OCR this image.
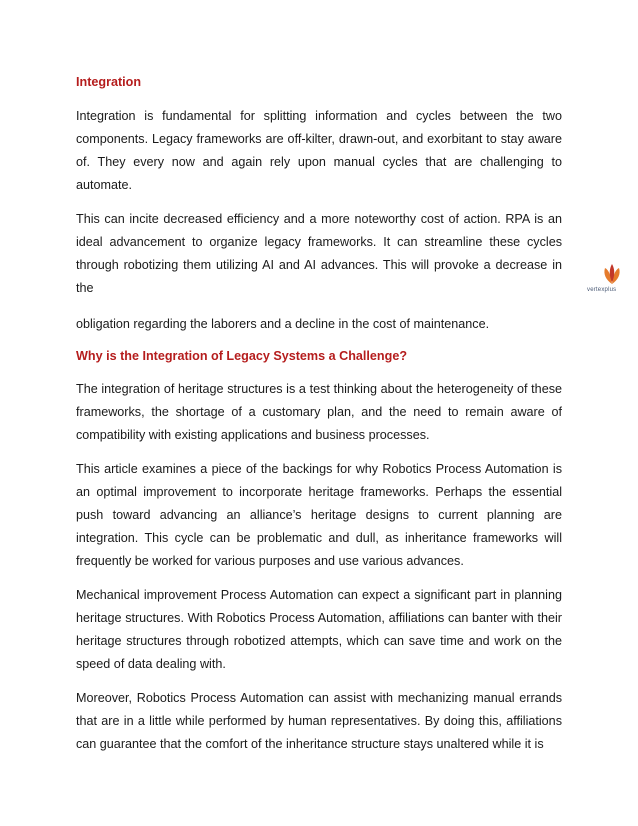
Integration

Integration is fundamental for splitting information and cycles between the two components. Legacy frameworks are off-kilter, drawn-out, and exorbitant to stay aware of. They every now and again rely upon manual cycles that are challenging to automate.

This can incite decreased efficiency and a more noteworthy cost of action. RPA is an ideal advancement to organize legacy frameworks. It can streamline these cycles through robotizing them utilizing AI and AI advances. This will provoke a decrease in the	vertexplus

obligation regarding the laborers and a decline in the cost of maintenance.

Why is the Integration of Legacy Systems a Challenge?

The integration of heritage structures is a test thinking about the heterogeneity of these frameworks, the shortage of a customary plan, and the need to remain aware of compatibility with existing applications and business processes.

This article examines a piece of the backings for why Robotics Process Automation is an optimal improvement to incorporate heritage frameworks. Perhaps the essential push toward advancing an alliance’s heritage designs to current planning are integration. This cycle can be problematic and dull, as inheritance frameworks will frequently be worked for various purposes and use various advances.

Mechanical improvement Process Automation can expect a significant part in planning heritage structures. With Robotics Process Automation, affiliations can banter with their heritage structures through robotized attempts, which can save time and work on the speed of data dealing with.

Moreover, Robotics Process Automation can assist with mechanizing manual errands that are in a little while performed by human representatives. By doing this, affiliations can guarantee that the comfort of the inheritance structure stays unaltered while it is
